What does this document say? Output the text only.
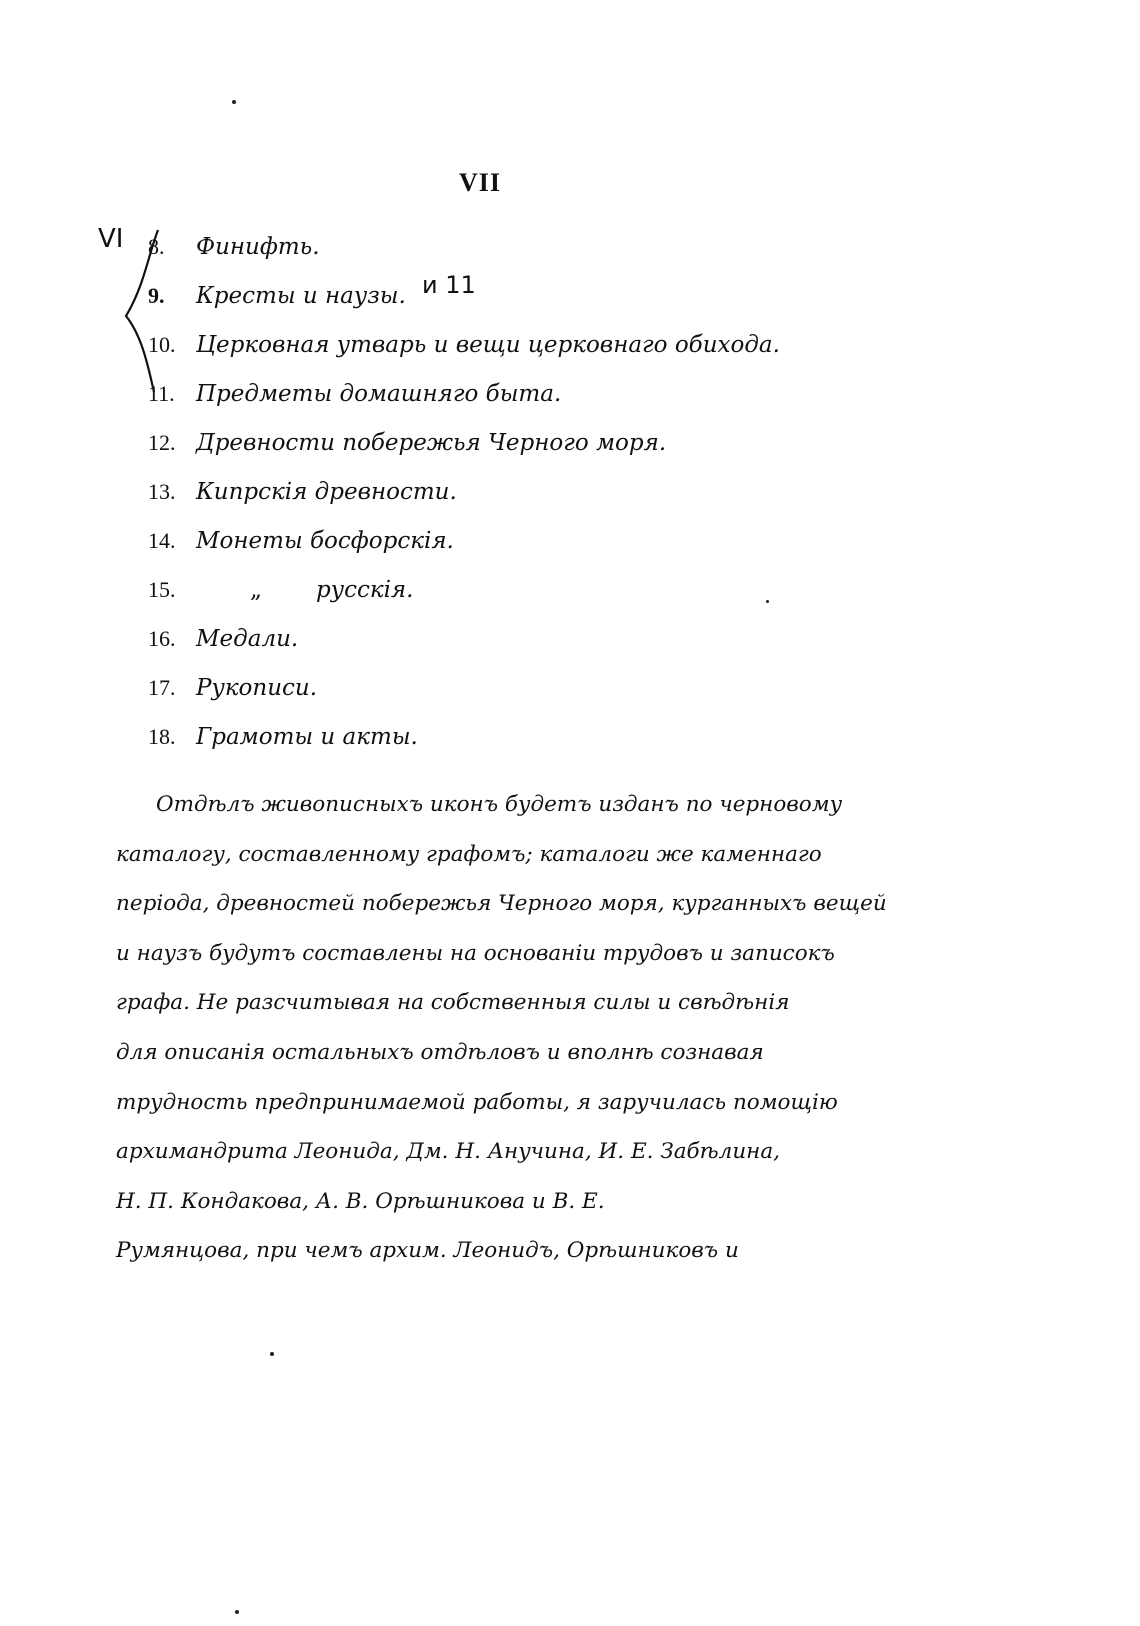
VII
VI
и 11
8.	Финифть.
9.	Кресты и наузы.
10. Церковная утварь и вещи церковнаго обихода.
11. Предметы домашняго быта.
12. Древности побережья Черного моря.
13. Кипрскія древности.
14. Монеты босфорскія.
15.	„	русскія.
16. Медали.
17. Рукописи.
18. Грамоты и акты.
Отдѣлъ живописныхъ иконъ будетъ изданъ по черновому
каталогу, составленному графомъ; каталоги же каменнаго
періода, древностей побережья Черного моря, курганныхъ вещей
и наузъ будутъ составлены на основаніи трудовъ и записокъ
графа. Не разсчитывая на собственныя силы и свѣдѣнія
для описанія остальныхъ отдѣловъ и вполнѣ сознавая
трудность предпринимаемой работы, я заручилась помощію
архимандрита Леонида, Дм. Н. Анучина, И. Е. Забѣлина,
Н. П. Кондакова, А. В. Орѣшникова и В. Е.
Румянцова, при чемъ архим. Леонидъ, Орѣшниковъ и
